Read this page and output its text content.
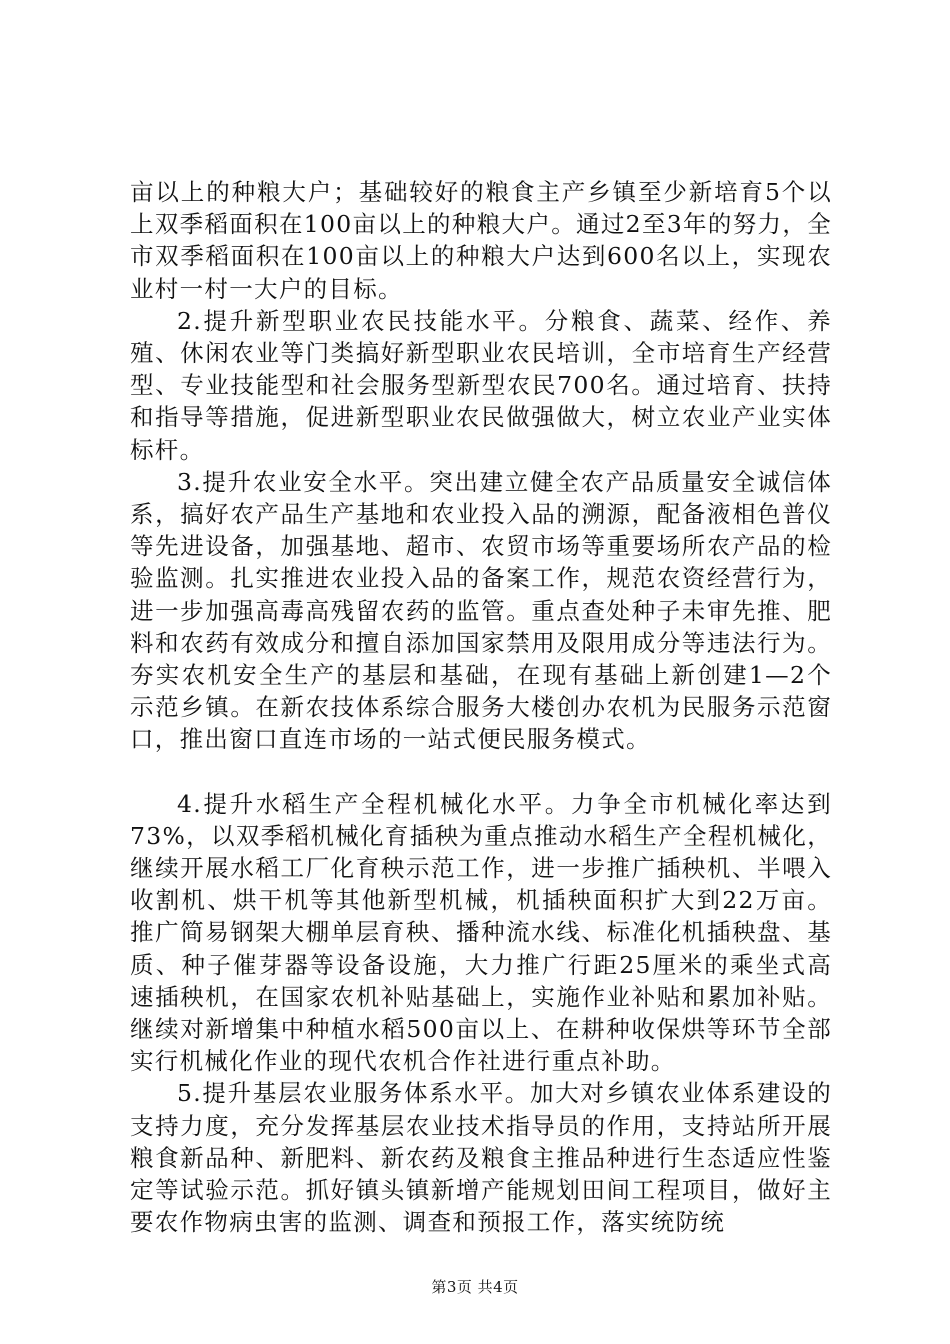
亩以上的种粮大户；基础较好的粮食主产乡镇至少新培育5个以上双季稻面积在100亩以上的种粮大户。通过2至3年的努力，全市双季稻面积在100亩以上的种粮大户达到600名以上，实现农业村一村一大户的目标。

2.提升新型职业农民技能水平。分粮食、蔬菜、经作、养殖、休闲农业等门类搞好新型职业农民培训，全市培育生产经营型、专业技能型和社会服务型新型农民700名。通过培育、扶持和指导等措施，促进新型职业农民做强做大，树立农业产业实体标杆。

3.提升农业安全水平。突出建立健全农产品质量安全诚信体系，搞好农产品生产基地和农业投入品的溯源，配备液相色普仪等先进设备，加强基地、超市、农贸市场等重要场所农产品的检验监测。扎实推进农业投入品的备案工作，规范农资经营行为，进一步加强高毒高残留农药的监管。重点查处种子未审先推、肥料和农药有效成分和擅自添加国家禁用及限用成分等违法行为。夯实农机安全生产的基层和基础，在现有基础上新创建1—2个示范乡镇。在新农技体系综合服务大楼创办农机为民服务示范窗口，推出窗口直连市场的一站式便民服务模式。

4.提升水稻生产全程机械化水平。力争全市机械化率达到73%，以双季稻机械化育插秧为重点推动水稻生产全程机械化，继续开展水稻工厂化育秧示范工作，进一步推广插秧机、半喂入收割机、烘干机等其他新型机械，机插秧面积扩大到22万亩。推广简易钢架大棚单层育秧、播种流水线、标准化机插秧盘、基质、种子催芽器等设备设施，大力推广行距25厘米的乘坐式高速插秧机，在国家农机补贴基础上，实施作业补贴和累加补贴。继续对新增集中种植水稻500亩以上、在耕种收保烘等环节全部实行机械化作业的现代农机合作社进行重点补助。

5.提升基层农业服务体系水平。加大对乡镇农业体系建设的支持力度，充分发挥基层农业技术指导员的作用，支持站所开展粮食新品种、新肥料、新农药及粮食主推品种进行生态适应性鉴定等试验示范。抓好镇头镇新增产能规划田间工程项目，做好主要农作物病虫害的监测、调查和预报工作，落实统防统

第3页 共4页
